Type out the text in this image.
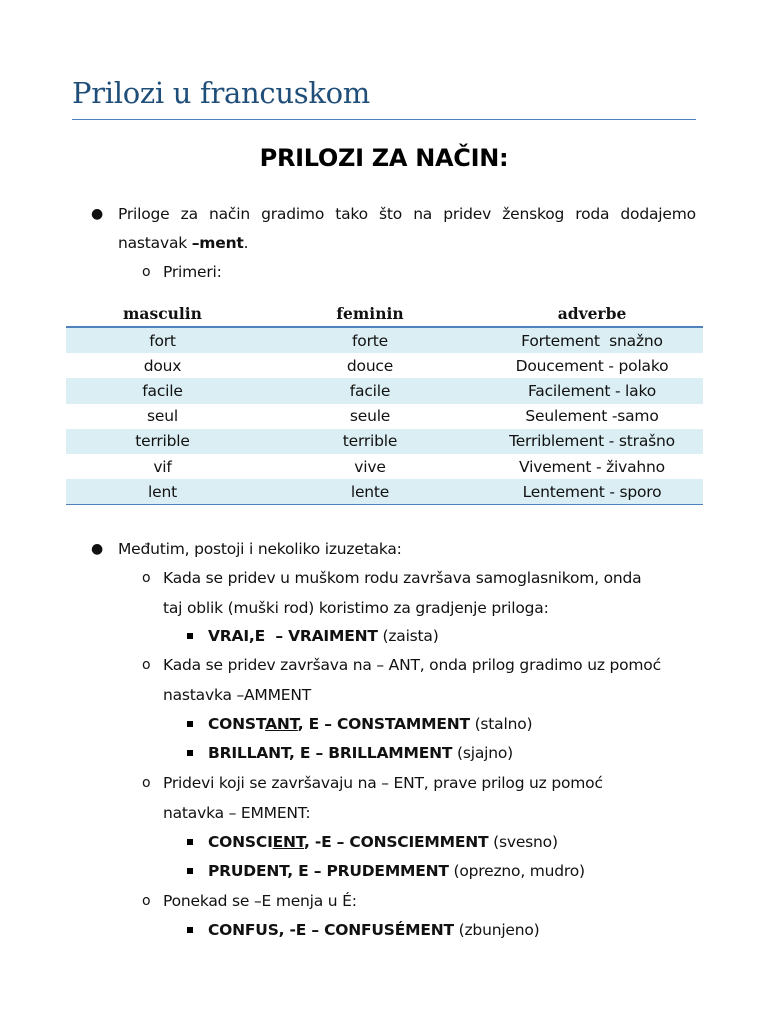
Prilozi u francuskom
PRILOZI ZA NAČIN:
● Priloge za način gradimo tako što na pridev ženskog roda dodajemo
nastavak –ment.
o Primeri:
masculin	feminin	adverbe
fort	forte	Fortement  snažno
doux	douce	Doucement - polako
facile	facile	Facilement - lako
seul	seule	Seulement -samo
terrible	terrible	Terriblement - strašno
vif	vive	Vivement - živahno
lent	lente	Lentement - sporo
● Međutim, postoji i nekoliko izuzetaka:
o Kada se pridev u muškom rodu završava samoglasnikom, onda
taj oblik (muški rod) koristimo za gradjenje priloga:
VRAI,E  – VRAIMENT (zaista)
o Kada se pridev završava na – ANT, onda prilog gradimo uz pomoć
nastavka –AMMENT
CONSTANT, E – CONSTAMMENT (stalno)
BRILLANT, E – BRILLAMMENT (sjajno)
o Pridevi koji se završavaju na – ENT, prave prilog uz pomoć
natavka – EMMENT:
CONSCIENT, -E – CONSCIEMMENT (svesno)
PRUDENT, E – PRUDEMMENT (oprezno, mudro)
o Ponekad se –E menja u É:
CONFUS, -E – CONFUSÉMENT (zbunjeno)
